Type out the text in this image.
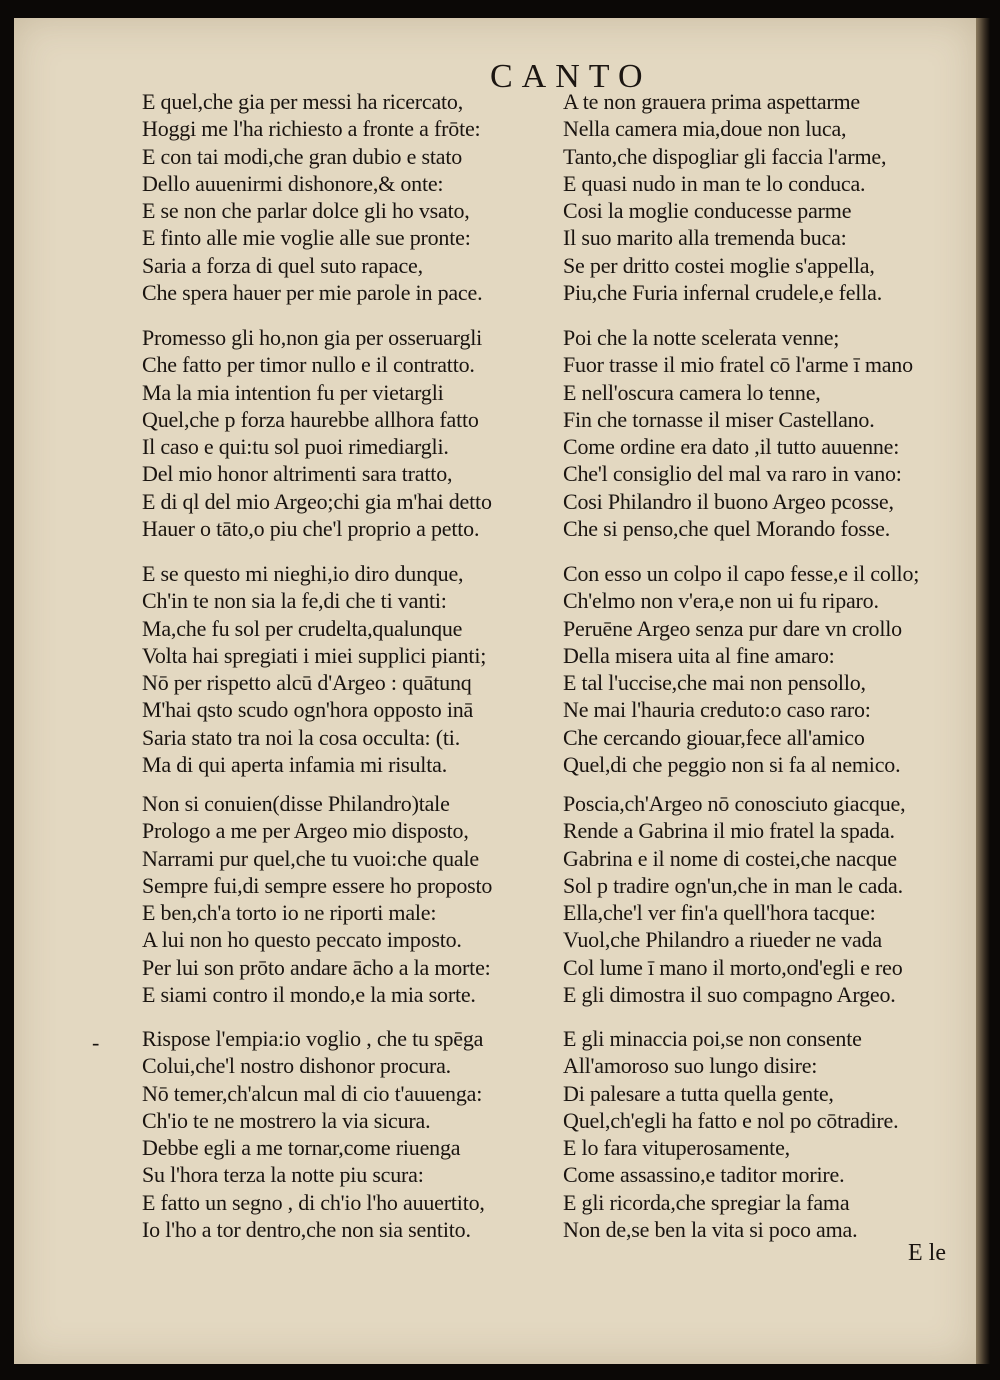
CANTO
E quel,che gia per messi ha ricercato,
Hoggi me l'ha richiesto a fronte a frōte:
E con tai modi,che gran dubio e stato
Dello auuenirmi dishonore,& onte:
E se non che parlar dolce gli ho vsato,
E finto alle mie voglie alle sue pronte:
Saria a forza di quel suto rapace,
Che spera hauer per mie parole in pace.
Promesso gli ho,non gia per osseruargli
Che fatto per timor nullo e il contratto.
Ma la mia intention fu per vietargli
Quel,che p forza haurebbe allhora fatto
Il caso e qui:tu sol puoi rimediargli.
Del mio honor altrimenti sara tratto,
E di ql del mio Argeo;chi gia m'hai detto
Hauer o tāto,o piu che'l proprio a petto.
E se questo mi nieghi,io diro dunque,
Ch'in te non sia la fe,di che ti vanti:
Ma,che fu sol per crudelta,qualunque
Volta hai spregiati i miei supplici pianti;
Nō per rispetto alcū d'Argeo : quātunq
M'hai qsto scudo ogn'hora opposto inā
Saria stato tra noi la cosa occulta: (ti.
Ma di qui aperta infamia mi risulta.
Non si conuien(disse Philandro)tale
Prologo a me per Argeo mio disposto,
Narrami pur quel,che tu vuoi:che quale
Sempre fui,di sempre essere ho proposto
E ben,ch'a torto io ne riporti male:
A lui non ho questo peccato imposto.
Per lui son prōto andare ācho a la morte:
E siami contro il mondo,e la mia sorte.
Rispose l'empia:io voglio , che tu spēga
Colui,che'l nostro dishonor procura.
Nō temer,ch'alcun mal di cio t'auuenga:
Ch'io te ne mostrero la via sicura.
Debbe egli a me tornar,come riuenga
Su l'hora terza la notte piu scura:
E fatto un segno , di ch'io l'ho auuertito,
Io l'ho a tor dentro,che non sia sentito.
A te non grauera prima aspettarme
Nella camera mia,doue non luca,
Tanto,che dispogliar gli faccia l'arme,
E quasi nudo in man te lo conduca.
Cosi la moglie conducesse parme
Il suo marito alla tremenda buca:
Se per dritto costei moglie s'appella,
Piu,che Furia infernal crudele,e fella.
Poi che la notte scelerata venne;
Fuor trasse il mio fratel cō l'arme ī mano
E nell'oscura camera lo tenne,
Fin che tornasse il miser Castellano.
Come ordine era dato ,il tutto auuenne:
Che'l consiglio del mal va raro in vano:
Cosi Philandro il buono Argeo pcosse,
Che si penso,che quel Morando fosse.
Con esso un colpo il capo fesse,e il collo;
Ch'elmo non v'era,e non ui fu riparo.
Peruēne Argeo senza pur dare vn crollo
Della misera uita al fine amaro:
E tal l'uccise,che mai non pensollo,
Ne mai l'hauria creduto:o caso raro:
Che cercando giouar,fece all'amico
Quel,di che peggio non si fa al nemico.
Poscia,ch'Argeo nō conosciuto giacque,
Rende a Gabrina il mio fratel la spada.
Gabrina e il nome di costei,che nacque
Sol p tradire ogn'un,che in man le cada.
Ella,che'l ver fin'a quell'hora tacque:
Vuol,che Philandro a riueder ne vada
Col lume ī mano il morto,ond'egli e reo
E gli dimostra il suo compagno Argeo.
E gli minaccia poi,se non consente
All'amoroso suo lungo disire:
Di palesare a tutta quella gente,
Quel,ch'egli ha fatto e nol po cōtradire.
E lo fara vituperosamente,
Come assassino,e taditor morire.
E gli ricorda,che spregiar la fama
Non de,se ben la vita si poco ama.
E le
-
